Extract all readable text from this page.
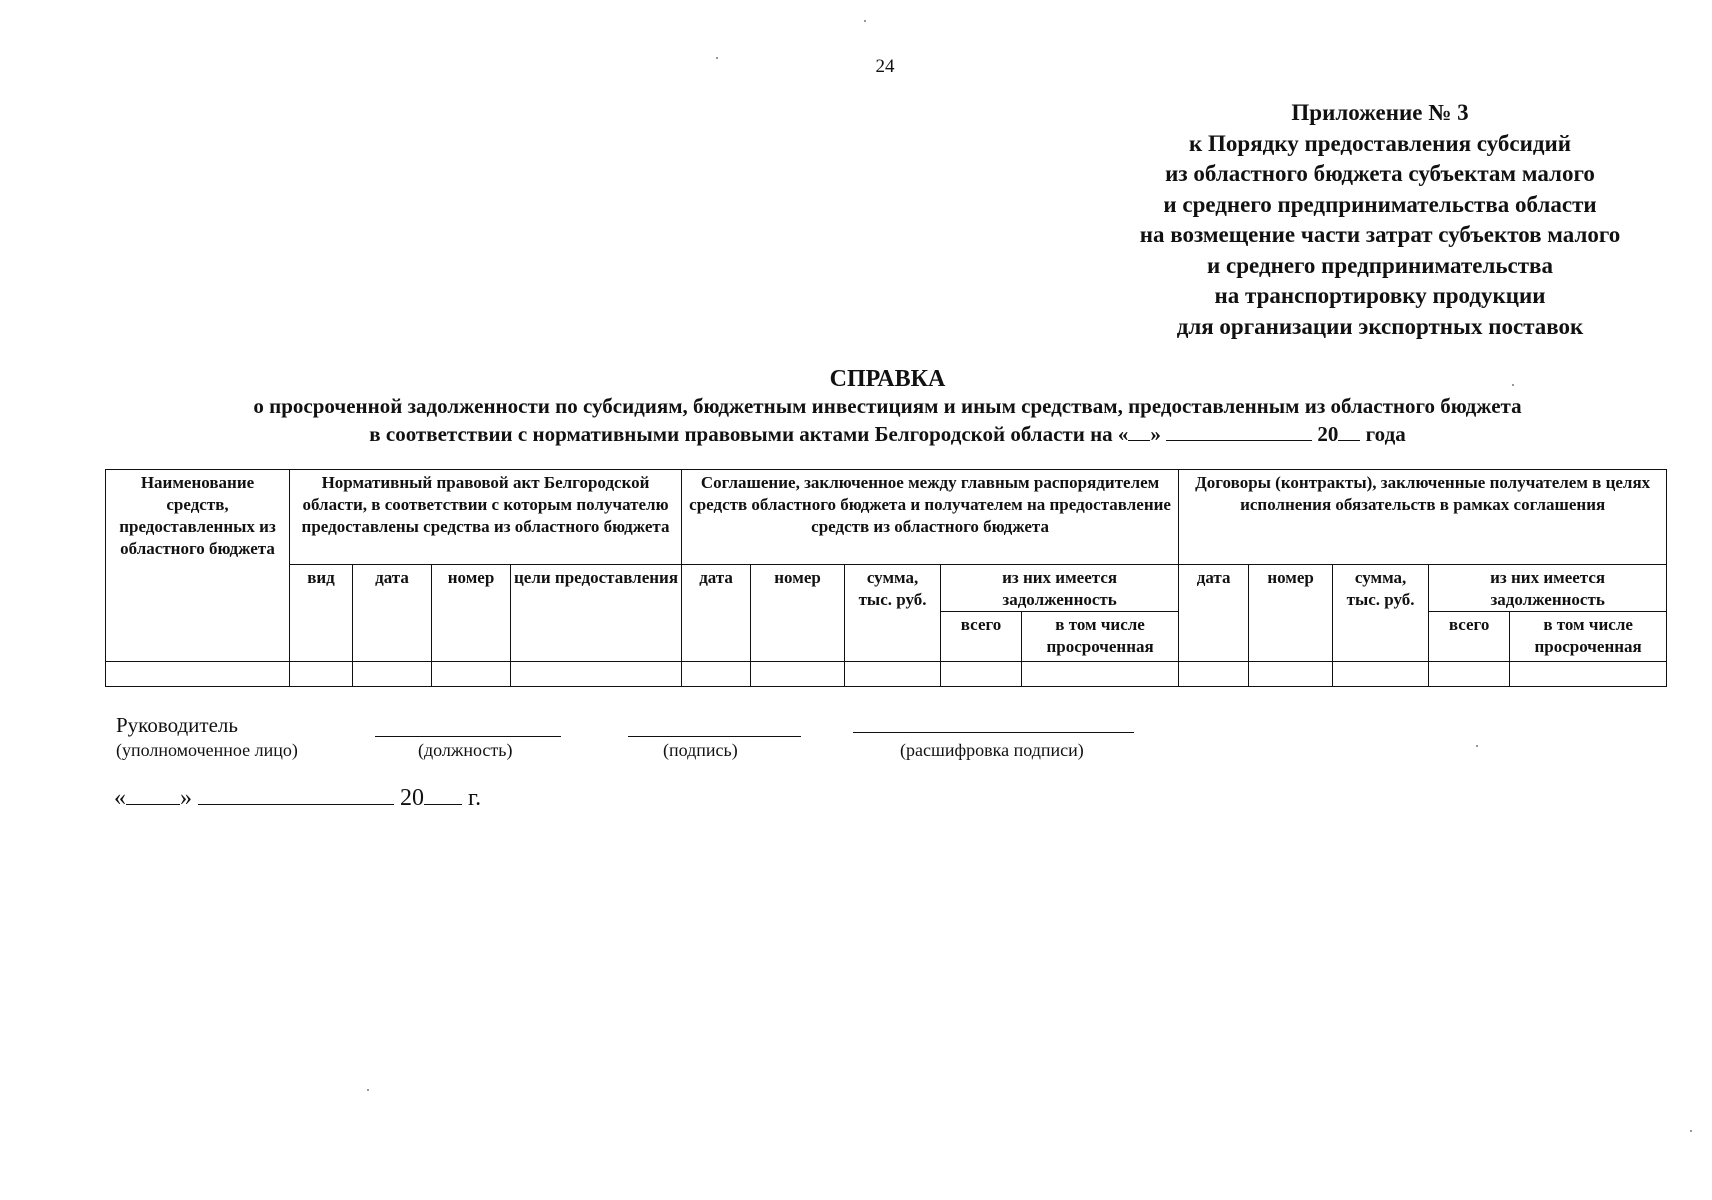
24
Приложение № 3
к Порядку предоставления субсидий
из областного бюджета субъектам малого
и среднего предпринимательства области
на возмещение части затрат субъектов малого
и среднего предпринимательства
на транспортировку продукции
для организации экспортных поставок
СПРАВКА
о просроченной задолженности по субсидиям, бюджетным инвестициям и иным средствам, предоставленным из областного бюджета
в соответствии с нормативными правовыми актами Белгородской области на « »	20 года
Наименование средств, предоставленных из областного бюджета	Нормативный правовой акт Белгородской области, в соответствии с которым получателю предоставлены средства из областного бюджета				Соглашение, заключенное между главным распорядителем средств областного бюджета и получателем на предоставление средств из областного бюджета					Договоры (контракты), заключенные получателем в целях исполнения обязательств в рамках соглашения				
	вид	дата	номер	цели предоставления	дата	номер	сумма, тыс. руб.	из них имеется задолженность		дата	номер	сумма, тыс. руб.	из них имеется задолженность	
								всего	в том числе просроченная				всего	в том числе просроченная

Руководитель
(уполномоченное лицо)	(должность)	(подпись)	(расшифровка подписи)
« »	20 г.
